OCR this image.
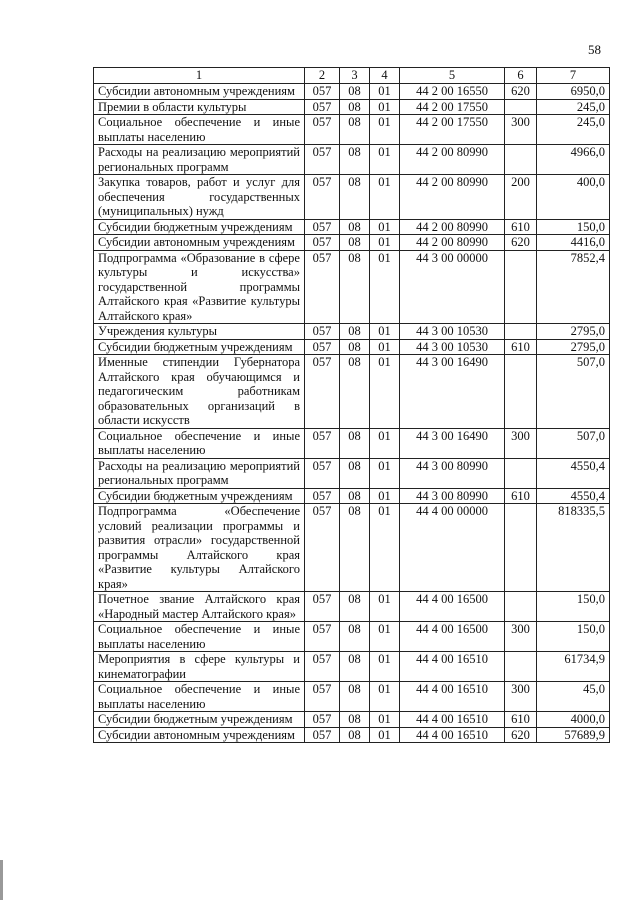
58
1	2	3	4	5	6	7
Субсидии автономным учреждениям	057	08	01	44 2 00 16550	620	6950,0
Премии в области культуры	057	08	01	44 2 00 17550		245,0
Социальное обеспечение и иные выплаты населению	057	08	01	44 2 00 17550	300	245,0
Расходы на реализацию мероприятий региональных программ	057	08	01	44 2 00 80990		4966,0
Закупка товаров, работ и услуг для обеспечения государственных (муниципальных) нужд	057	08	01	44 2 00 80990	200	400,0
Субсидии бюджетным учреждениям	057	08	01	44 2 00 80990	610	150,0
Субсидии автономным учреждениям	057	08	01	44 2 00 80990	620	4416,0
Подпрограмма «Образование в сфере культуры и искусства» государственной программы Алтайского края «Развитие культуры Алтайского края»	057	08	01	44 3 00 00000		7852,4
Учреждения культуры	057	08	01	44 3 00 10530		2795,0
Субсидии бюджетным учреждениям	057	08	01	44 3 00 10530	610	2795,0
Именные стипендии Губернатора Алтайского края обучающимся и педагогическим работникам образовательных организаций в области искусств	057	08	01	44 3 00 16490		507,0
Социальное обеспечение и иные выплаты населению	057	08	01	44 3 00 16490	300	507,0
Расходы на реализацию мероприятий региональных программ	057	08	01	44 3 00 80990		4550,4
Субсидии бюджетным учреждениям	057	08	01	44 3 00 80990	610	4550,4
Подпрограмма «Обеспечение условий реализации программы и развития отрасли» государственной программы Алтайского края «Развитие культуры Алтайского края»	057	08	01	44 4 00 00000		818335,5
Почетное звание Алтайского края «Народный мастер Алтайского края»	057	08	01	44 4 00 16500		150,0
Социальное обеспечение и иные выплаты населению	057	08	01	44 4 00 16500	300	150,0
Мероприятия в сфере культуры и кинематографии	057	08	01	44 4 00 16510		61734,9
Социальное обеспечение и иные выплаты населению	057	08	01	44 4 00 16510	300	45,0
Субсидии бюджетным учреждениям	057	08	01	44 4 00 16510	610	4000,0
Субсидии автономным учреждениям	057	08	01	44 4 00 16510	620	57689,9
